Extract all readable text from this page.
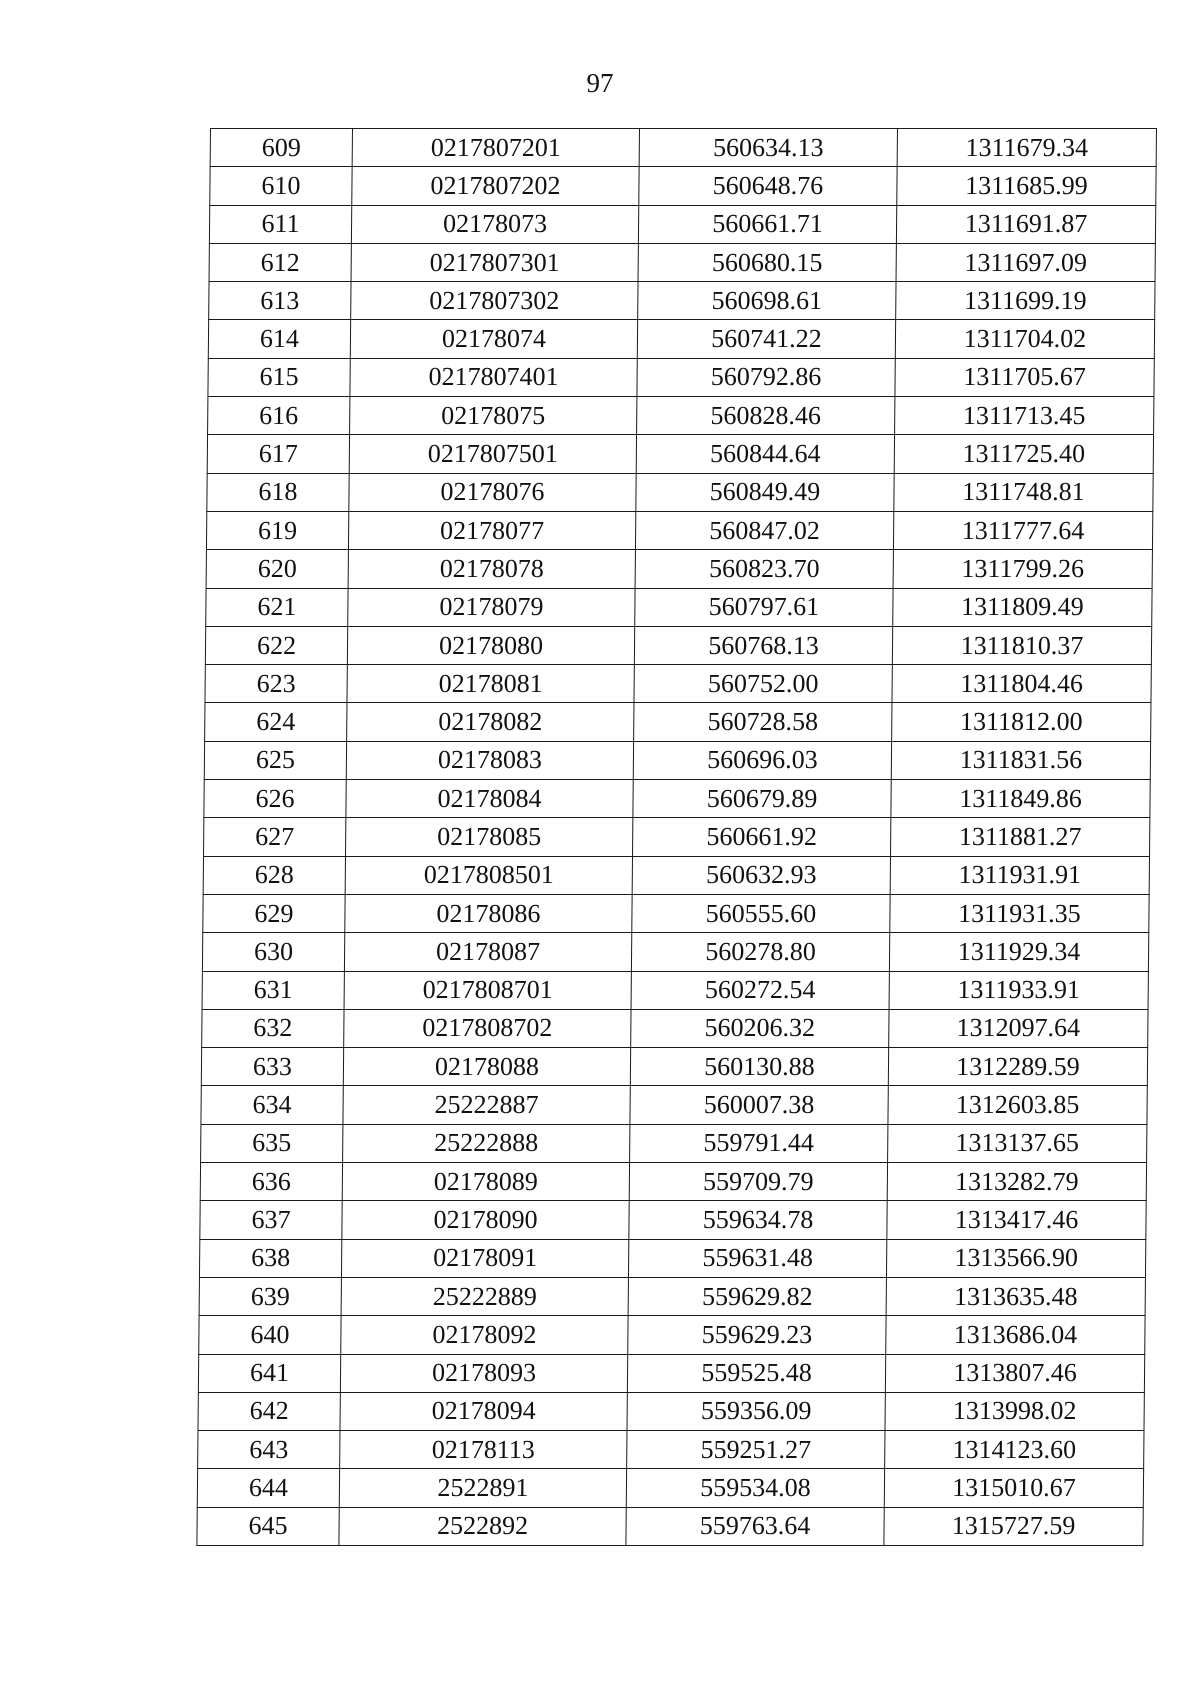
97
609	0217807201	560634.13	1311679.34
610	0217807202	560648.76	1311685.99
611	02178073	560661.71	1311691.87
612	0217807301	560680.15	1311697.09
613	0217807302	560698.61	1311699.19
614	02178074	560741.22	1311704.02
615	0217807401	560792.86	1311705.67
616	02178075	560828.46	1311713.45
617	0217807501	560844.64	1311725.40
618	02178076	560849.49	1311748.81
619	02178077	560847.02	1311777.64
620	02178078	560823.70	1311799.26
621	02178079	560797.61	1311809.49
622	02178080	560768.13	1311810.37
623	02178081	560752.00	1311804.46
624	02178082	560728.58	1311812.00
625	02178083	560696.03	1311831.56
626	02178084	560679.89	1311849.86
627	02178085	560661.92	1311881.27
628	0217808501	560632.93	1311931.91
629	02178086	560555.60	1311931.35
630	02178087	560278.80	1311929.34
631	0217808701	560272.54	1311933.91
632	0217808702	560206.32	1312097.64
633	02178088	560130.88	1312289.59
634	25222887	560007.38	1312603.85
635	25222888	559791.44	1313137.65
636	02178089	559709.79	1313282.79
637	02178090	559634.78	1313417.46
638	02178091	559631.48	1313566.90
639	25222889	559629.82	1313635.48
640	02178092	559629.23	1313686.04
641	02178093	559525.48	1313807.46
642	02178094	559356.09	1313998.02
643	02178113	559251.27	1314123.60
644	2522891	559534.08	1315010.67
645	2522892	559763.64	1315727.59
